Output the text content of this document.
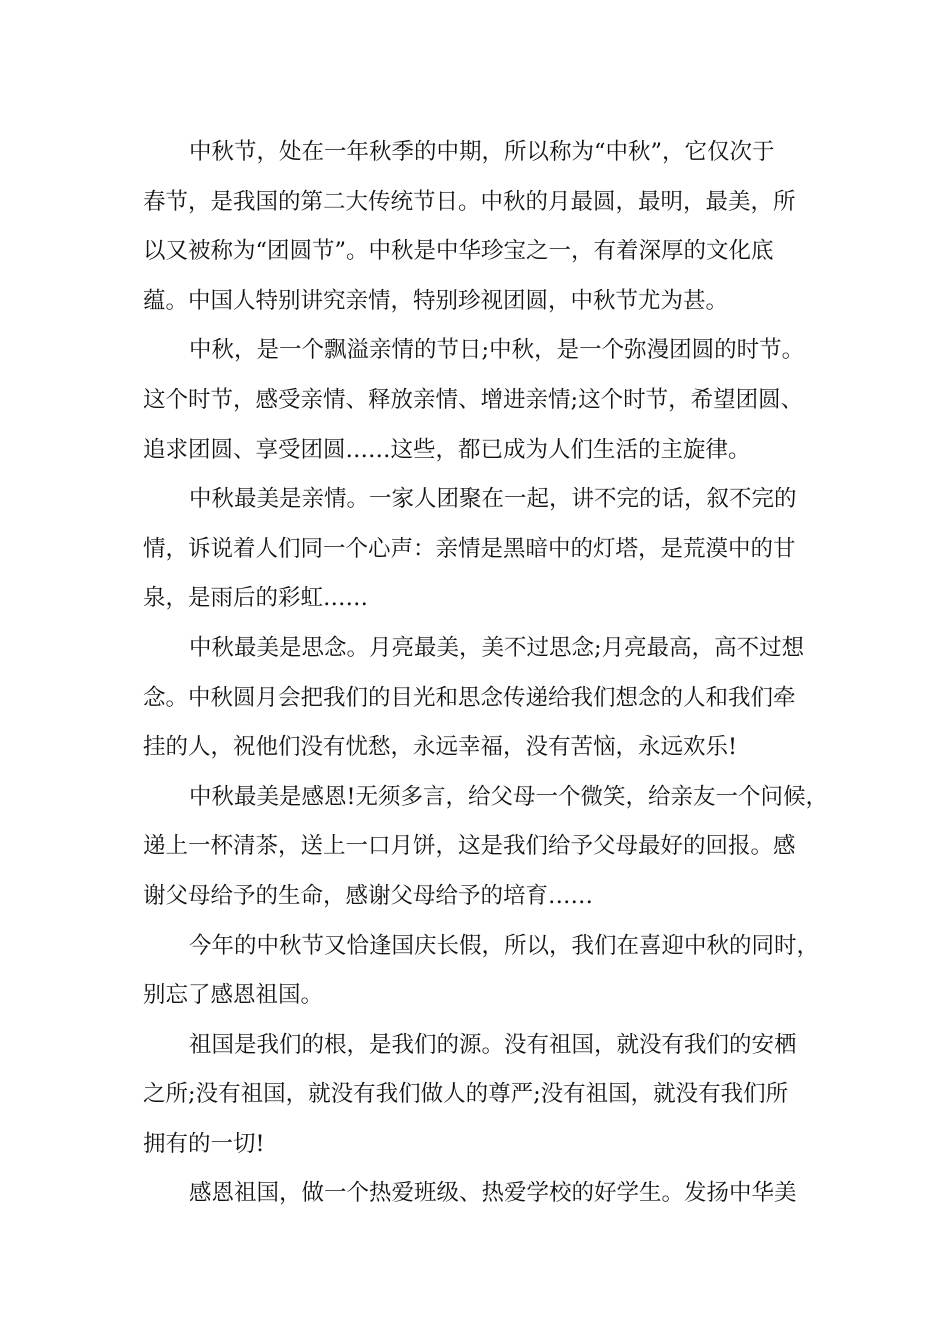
中秋节，处在一年秋季的中期，所以称为“中秋”，它仅次于
春节，是我国的第二大传统节日。中秋的月最圆，最明，最美，所
以又被称为“团圆节”。中秋是中华珍宝之一，有着深厚的文化底
蕴。中国人特别讲究亲情，特别珍视团圆，中秋节尤为甚。
中秋，是一个飘溢亲情的节日;中秋，是一个弥漫团圆的时节。
这个时节，感受亲情、释放亲情、增进亲情;这个时节，希望团圆、
追求团圆、享受团圆……这些，都已成为人们生活的主旋律。
中秋最美是亲情。一家人团聚在一起，讲不完的话，叙不完的
情，诉说着人们同一个心声：亲情是黑暗中的灯塔，是荒漠中的甘
泉，是雨后的彩虹……
中秋最美是思念。月亮最美，美不过思念;月亮最高，高不过想
念。中秋圆月会把我们的目光和思念传递给我们想念的人和我们牵
挂的人，祝他们没有忧愁，永远幸福，没有苦恼，永远欢乐!
中秋最美是感恩!无须多言，给父母一个微笑，给亲友一个问候，
递上一杯清茶，送上一口月饼，这是我们给予父母最好的回报。感
谢父母给予的生命，感谢父母给予的培育……
今年的中秋节又恰逢国庆长假，所以，我们在喜迎中秋的同时，
别忘了感恩祖国。
祖国是我们的根，是我们的源。没有祖国，就没有我们的安栖
之所;没有祖国，就没有我们做人的尊严;没有祖国，就没有我们所
拥有的一切!
感恩祖国，做一个热爱班级、热爱学校的好学生。发扬中华美
